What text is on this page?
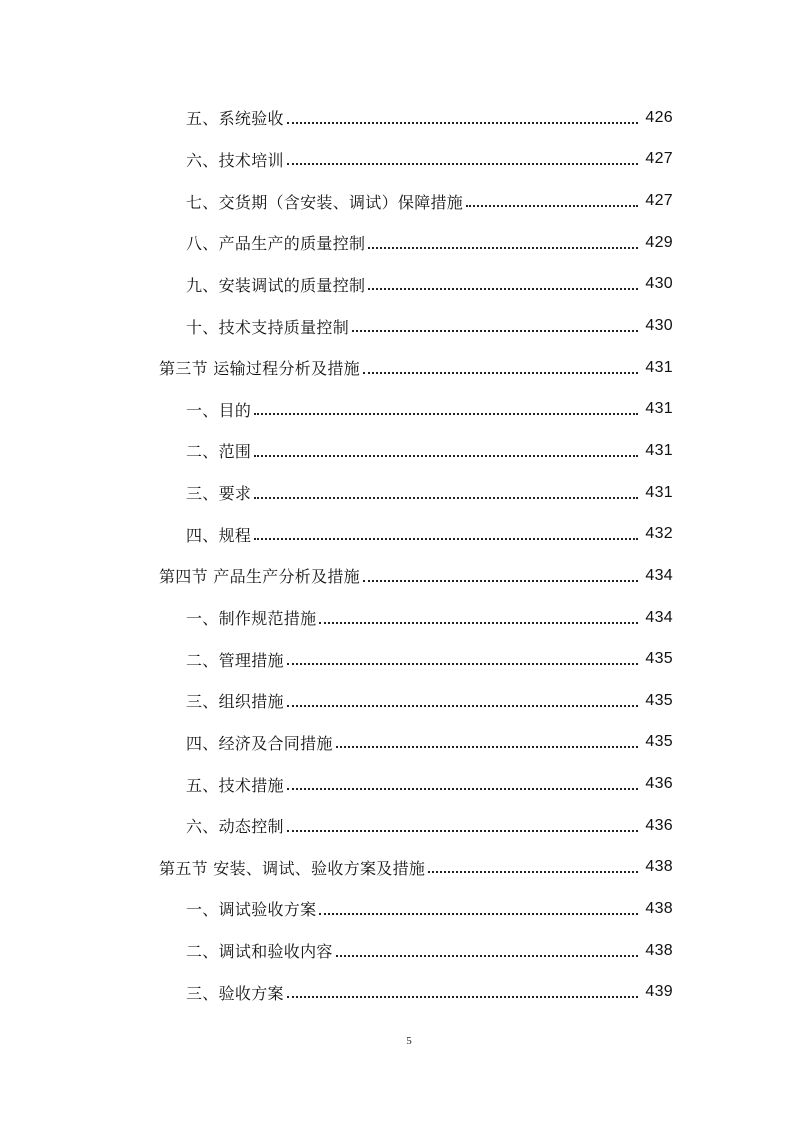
五、系统验收	426
六、技术培训	427
七、交货期（含安装、调试）保障措施	427
八、产品生产的质量控制	429
九、安装调试的质量控制	430
十、技术支持质量控制	430
第三节 运输过程分析及措施	431
一、目的	431
二、范围	431
三、要求	431
四、规程	432
第四节 产品生产分析及措施	434
一、制作规范措施	434
二、管理措施	435
三、组织措施	435
四、经济及合同措施	435
五、技术措施	436
六、动态控制	436
第五节 安装、调试、验收方案及措施	438
一、调试验收方案	438
二、调试和验收内容	438
三、验收方案	439
5
